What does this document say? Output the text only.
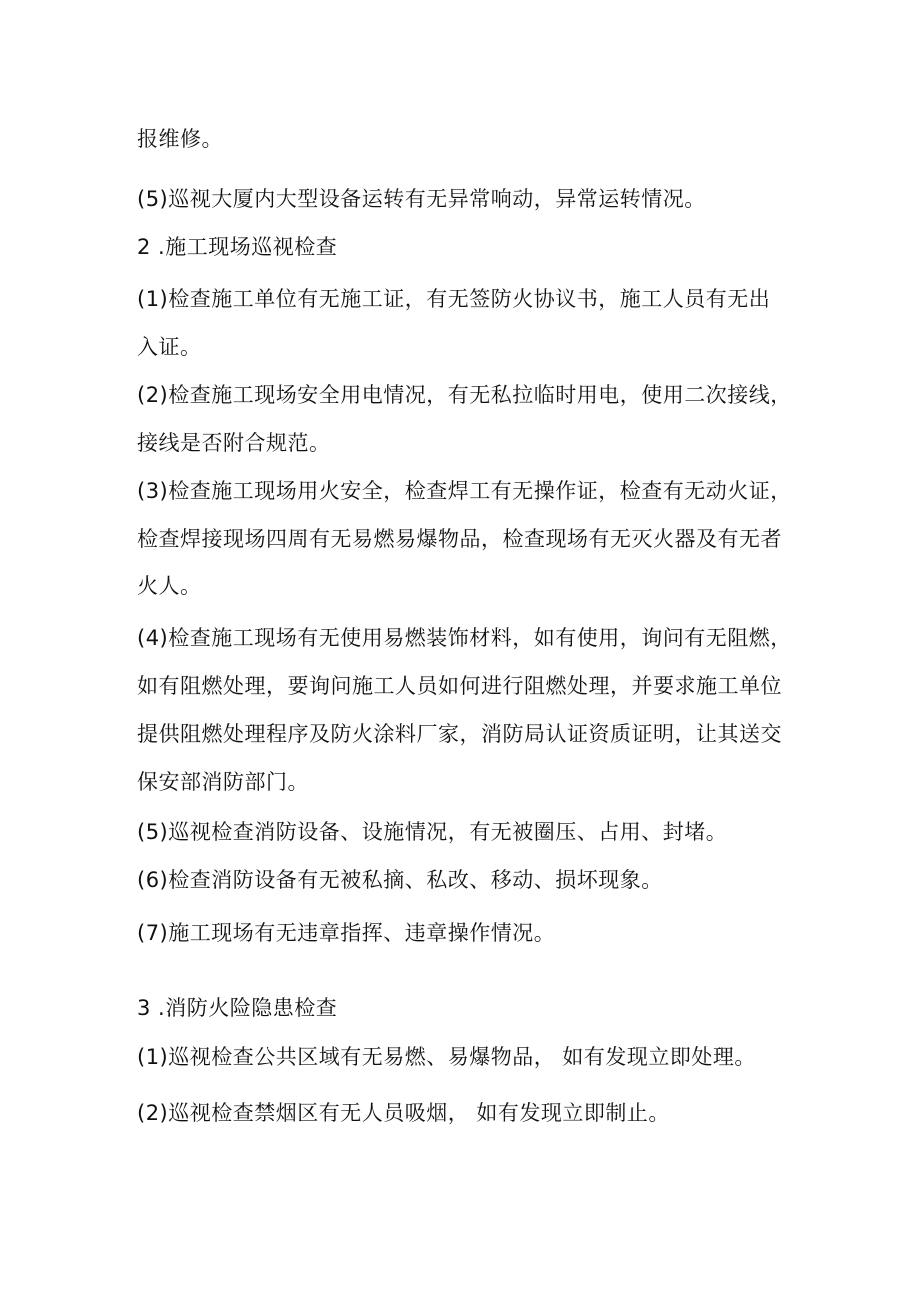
报维修。
(5)巡视大厦内大型设备运转有无异常响动，异常运转情况。
2 .施工现场巡视检查
(1)检查施工单位有无施工证，有无签防火协议书，施工人员有无出
入证。
(2)检查施工现场安全用电情况，有无私拉临时用电，使用二次接线，
接线是否附合规范。
(3)检查施工现场用火安全，检查焊工有无操作证，检查有无动火证，
检查焊接现场四周有无易燃易爆物品，检查现场有无灭火器及有无者
火人。
(4)检查施工现场有无使用易燃装饰材料，如有使用，询问有无阻燃，
如有阻燃处理，要询问施工人员如何进行阻燃处理，并要求施工单位
提供阻燃处理程序及防火涂料厂家，消防局认证资质证明，让其送交
保安部消防部门。
(5)巡视检查消防设备、设施情况，有无被圈压、占用、封堵。
(6)检查消防设备有无被私摘、私改、移动、损坏现象。
(7)施工现场有无违章指挥、违章操作情况。
3 .消防火险隐患检查
(1)巡视检查公共区域有无易燃、易爆物品， 如有发现立即处理。
(2)巡视检查禁烟区有无人员吸烟， 如有发现立即制止。
